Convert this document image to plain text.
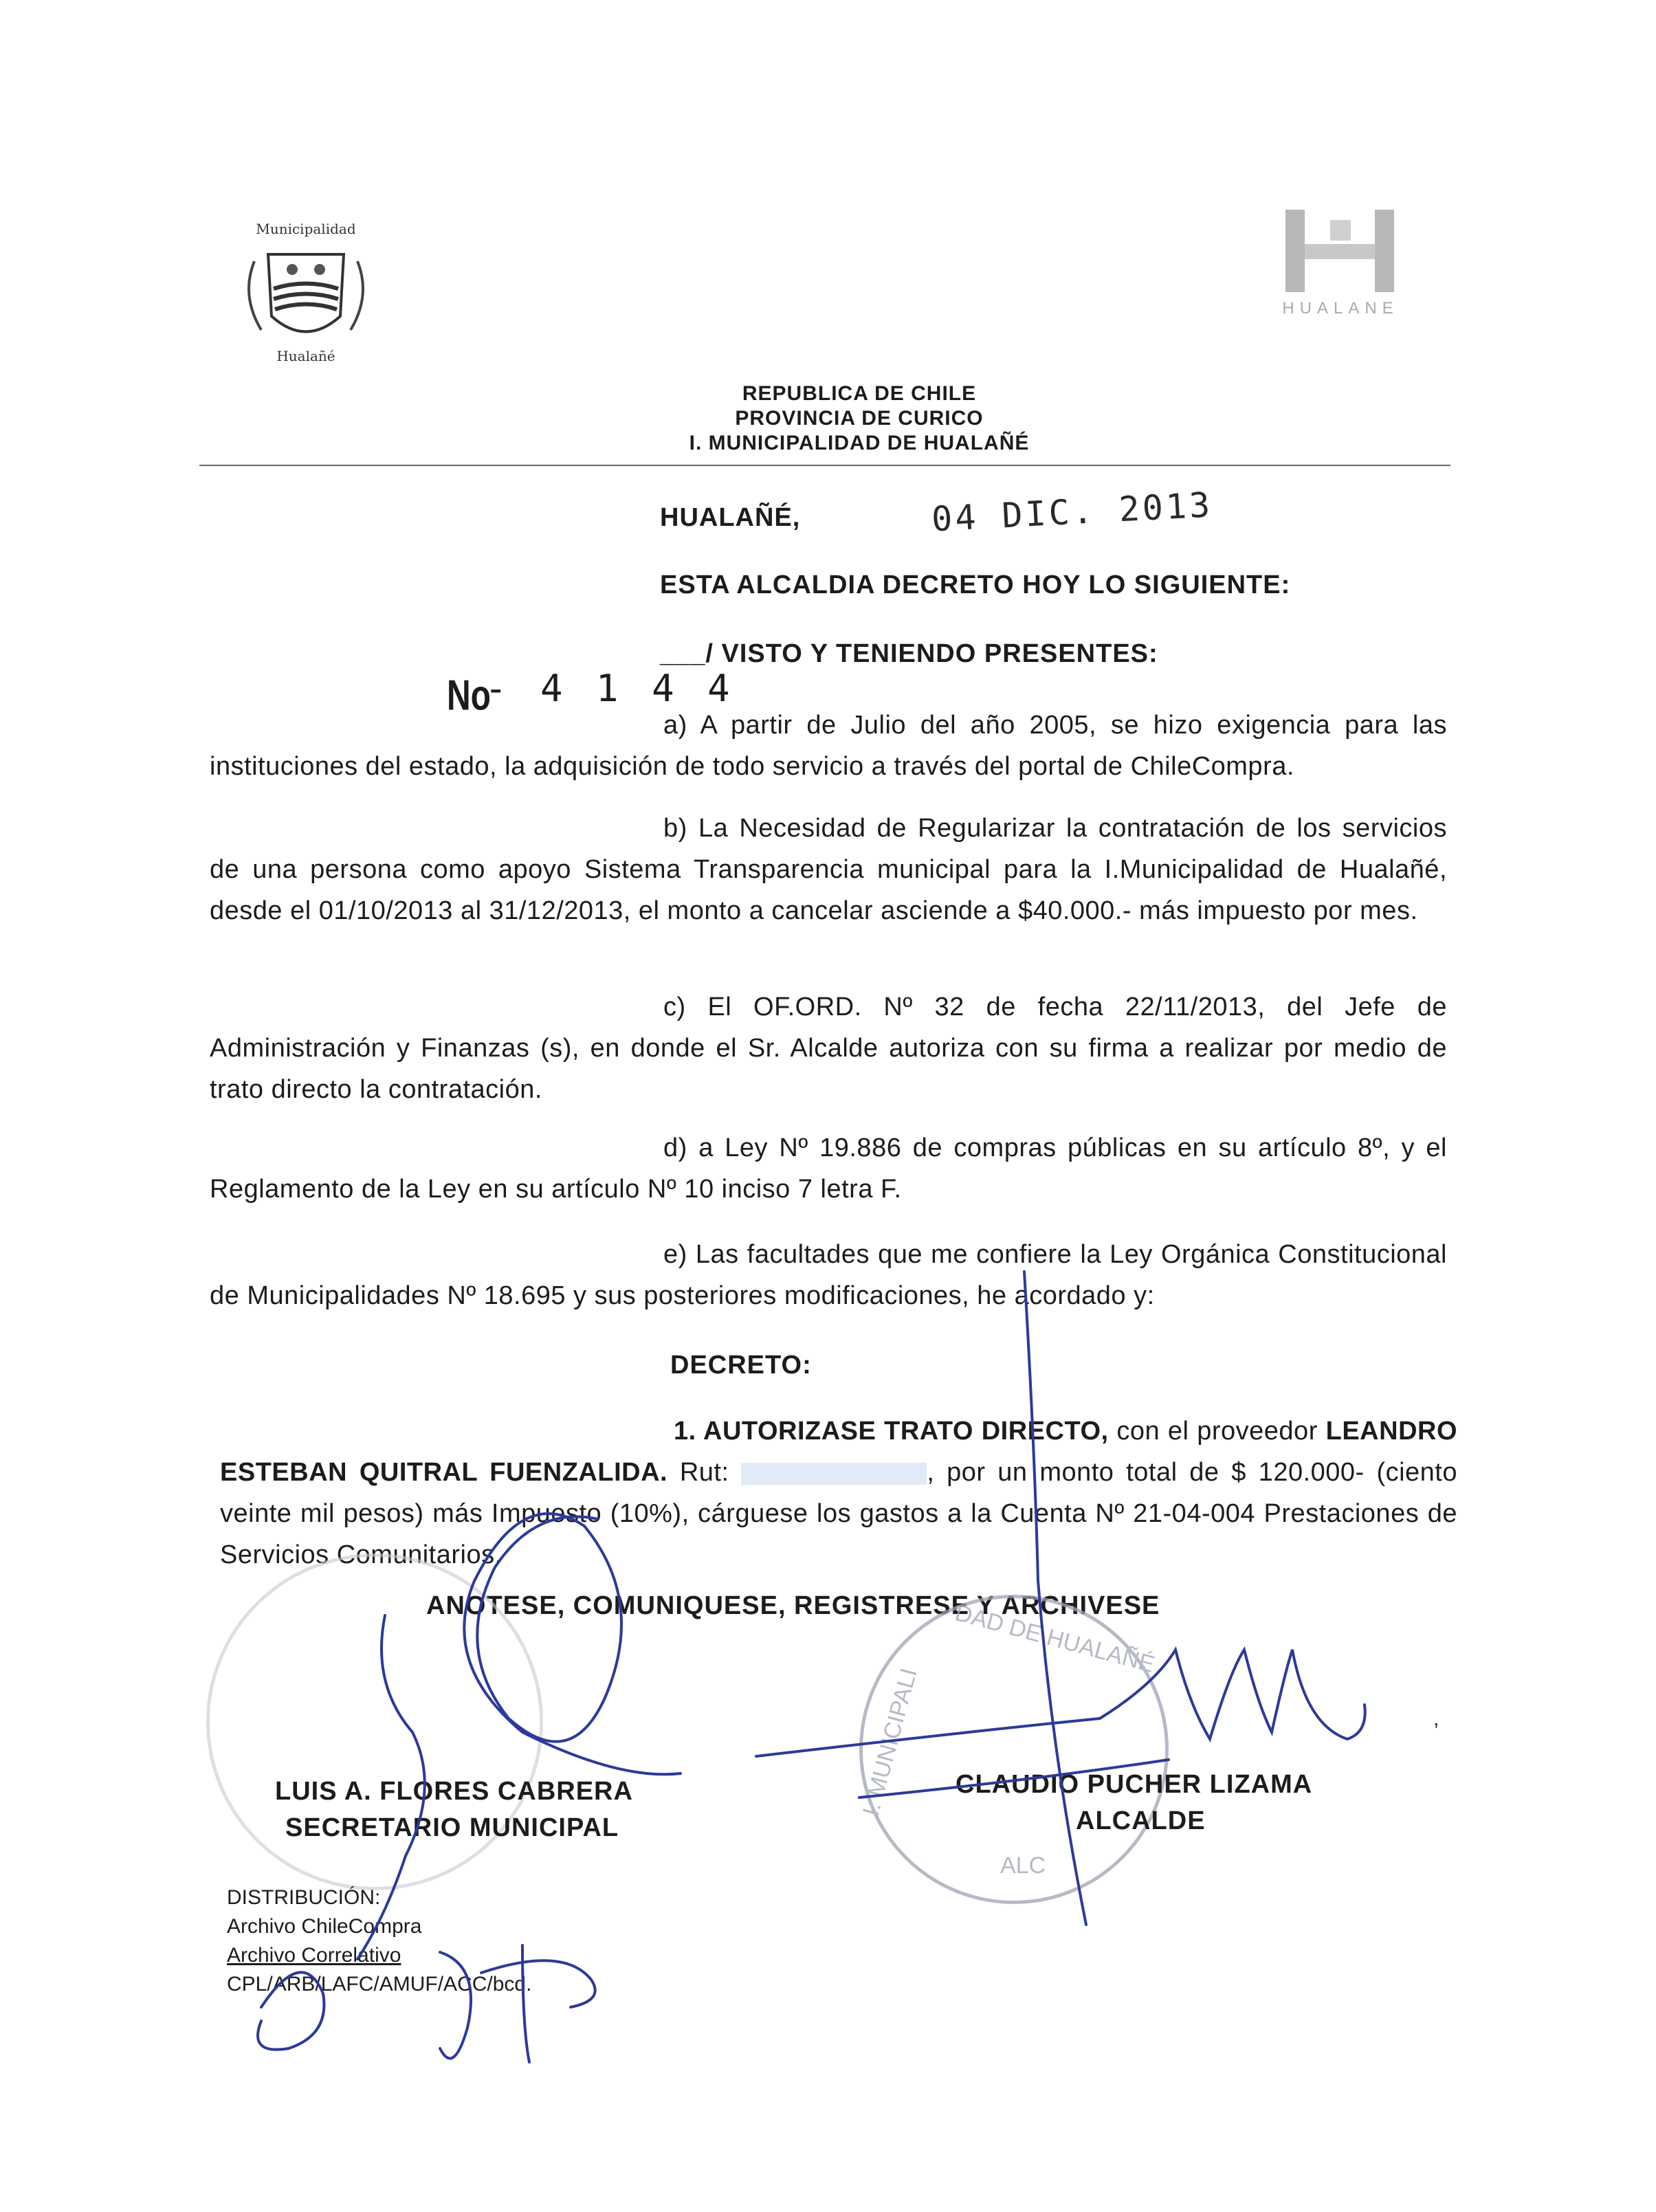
Municipalidad
Hualañé
HUALANE
REPUBLICA DE CHILE
PROVINCIA DE CURICO
I. MUNICIPALIDAD DE HUALAÑÉ
HUALAÑÉ,	04 DIC. 2013
ESTA ALCALDIA DECRETO HOY LO SIGUIENTE:
No
- 4 1 4 4
___/ VISTO Y TENIENDO PRESENTES:
a) A partir de Julio del año 2005, se hizo exigencia para las instituciones del estado, la adquisición de todo servicio a través del portal de ChileCompra.
b) La Necesidad de Regularizar la contratación de los servicios de una persona como apoyo Sistema Transparencia municipal para la I.Municipalidad de Hualañé, desde el 01/10/2013 al 31/12/2013, el monto a cancelar asciende a $40.000.- más impuesto por mes.
c) El OF.ORD. Nº 32 de fecha 22/11/2013, del Jefe de Administración y Finanzas (s), en donde el Sr. Alcalde autoriza con su firma a realizar por medio de trato directo la contratación.
d) a Ley Nº 19.886 de compras públicas en su artículo 8º, y el Reglamento de la Ley en su artículo Nº 10 inciso 7 letra F.
e) Las facultades que me confiere la Ley Orgánica Constitucional de Municipalidades Nº 18.695 y sus posteriores modificaciones, he acordado y:
DECRETO:
1. AUTORIZASE TRATO DIRECTO, con el proveedor LEANDRO ESTEBAN QUITRAL FUENZALIDA. Rut:	, por un monto total de $ 120.000- (ciento veinte mil pesos) más Impuesto (10%), cárguese los gastos a la Cuenta Nº 21-04-004 Prestaciones de Servicios Comunitarios.
ANOTESE, COMUNIQUESE, REGISTRESE Y ARCHIVESE
DAD DE HUALAÑÉ
I. MUNICIPALI
ALC
LUIS A. FLORES CABRERA
SECRETARIO MUNICIPAL
CLAUDIO PUCHER LIZAMA
ALCALDE
DISTRIBUCIÓN:
Archivo ChileCompra
Archivo Correlativo
CPL/ARB/LAFC/AMUF/ACC/bcd.
,
